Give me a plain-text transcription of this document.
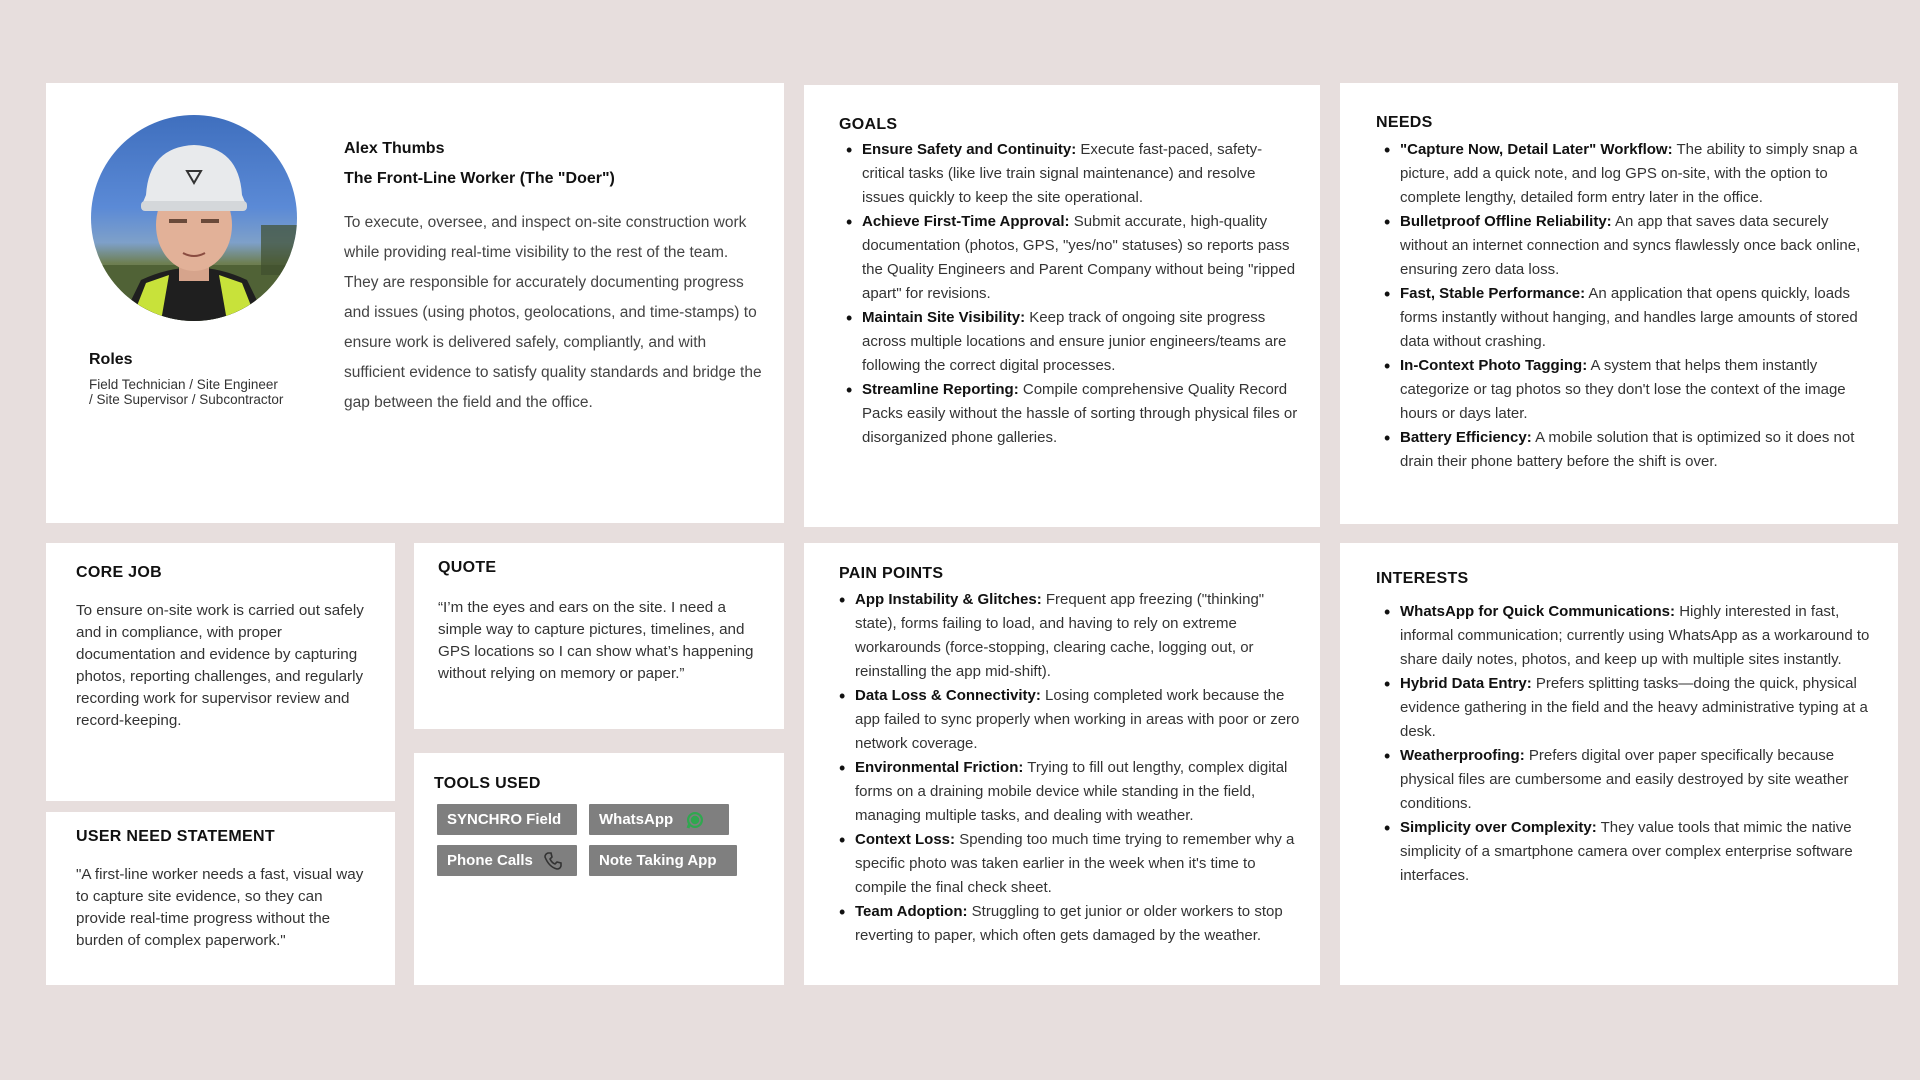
Roles
Field Technician / Site Engineer
/ Site Supervisor / Subcontractor
Alex Thumbs
The Front-Line Worker (The "Doer")
To execute, oversee, and inspect on-site construction work while providing real-time visibility to the rest of the team. They are responsible for accurately documenting progress and issues (using photos, geolocations, and time-stamps) to ensure work is delivered safely, compliantly, and with sufficient evidence to satisfy quality standards and bridge the gap between the field and the office.
GOALS
• Ensure Safety and Continuity: Execute fast-paced, safety-critical tasks (like live train signal maintenance) and resolve issues quickly to keep the site operational.
• Achieve First-Time Approval: Submit accurate, high-quality documentation (photos, GPS, "yes/no" statuses) so reports pass the Quality Engineers and Parent Company without being "ripped apart" for revisions.
• Maintain Site Visibility: Keep track of ongoing site progress across multiple locations and ensure junior engineers/teams are following the correct digital processes.
• Streamline Reporting: Compile comprehensive Quality Record Packs easily without the hassle of sorting through physical files or disorganized phone galleries.
NEEDS
• "Capture Now, Detail Later" Workflow: The ability to simply snap a picture, add a quick note, and log GPS on-site, with the option to complete lengthy, detailed form entry later in the office.
• Bulletproof Offline Reliability: An app that saves data securely without an internet connection and syncs flawlessly once back online, ensuring zero data loss.
• Fast, Stable Performance: An application that opens quickly, loads forms instantly without hanging, and handles large amounts of stored data without crashing.
• In-Context Photo Tagging: A system that helps them instantly categorize or tag photos so they don't lose the context of the image hours or days later.
• Battery Efficiency: A mobile solution that is optimized so it does not drain their phone battery before the shift is over.
CORE JOB
To ensure on-site work is carried out safely and in compliance, with proper documentation and evidence by capturing photos, reporting challenges, and regularly recording work for supervisor review and record-keeping.
USER NEED STATEMENT
"A first-line worker needs a fast, visual way to capture site evidence, so they can provide real-time progress without the burden of complex paperwork."
QUOTE
“I’m the eyes and ears on the site. I need a simple way to capture pictures, timelines, and GPS locations so I can show what’s happening without relying on memory or paper.”
TOOLS USED
SYNCHRO Field	WhatsApp
Phone Calls	Note Taking App
PAIN POINTS
• App Instability & Glitches: Frequent app freezing ("thinking" state), forms failing to load, and having to rely on extreme workarounds (force-stopping, clearing cache, logging out, or reinstalling the app mid-shift).
• Data Loss & Connectivity: Losing completed work because the app failed to sync properly when working in areas with poor or zero network coverage.
• Environmental Friction: Trying to fill out lengthy, complex digital forms on a draining mobile device while standing in the field, managing multiple tasks, and dealing with weather.
• Context Loss: Spending too much time trying to remember why a specific photo was taken earlier in the week when it's time to compile the final check sheet.
• Team Adoption: Struggling to get junior or older workers to stop reverting to paper, which often gets damaged by the weather.
INTERESTS
• WhatsApp for Quick Communications: Highly interested in fast, informal communication; currently using WhatsApp as a workaround to share daily notes, photos, and keep up with multiple sites instantly.
• Hybrid Data Entry: Prefers splitting tasks—doing the quick, physical evidence gathering in the field and the heavy administrative typing at a desk.
• Weatherproofing: Prefers digital over paper specifically because physical files are cumbersome and easily destroyed by site weather conditions.
• Simplicity over Complexity: They value tools that mimic the native simplicity of a smartphone camera over complex enterprise software interfaces.
